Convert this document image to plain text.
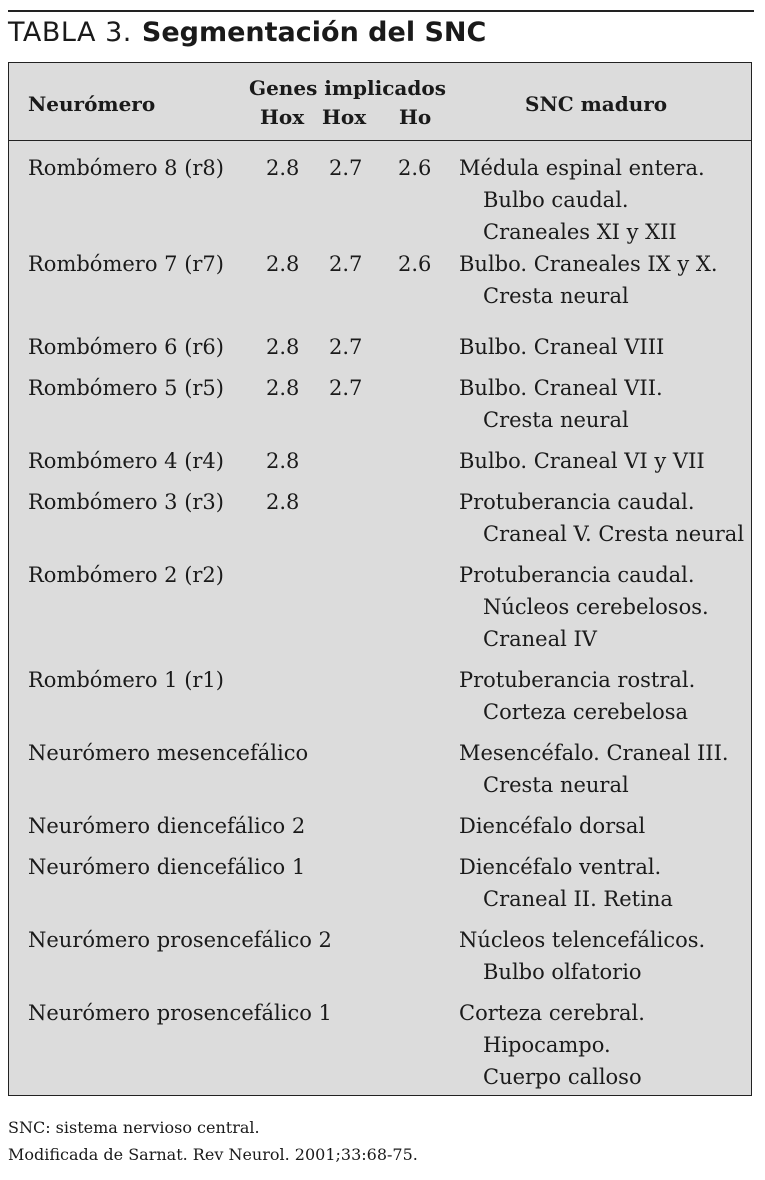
TABLA 3. Segmentación del SNC
Neurómero
Genes implicados
Hox Hox Ho
SNC maduro
Rombómero 8 (r8) 2.8 2.7 2.6 Médula espinal entera.
Bulbo caudal.
Craneales XI y XII
Rombómero 7 (r7) 2.8 2.7 2.6 Bulbo. Craneales IX y X.
Cresta neural
Rombómero 6 (r6) 2.8 2.7	Bulbo. Craneal VIII
Rombómero 5 (r5) 2.8 2.7	Bulbo. Craneal VII.
Cresta neural
Rombómero 4 (r4) 2.8	Bulbo. Craneal VI y VII
Rombómero 3 (r3) 2.8	Protuberancia caudal.
Craneal V. Cresta neural
Rombómero 2 (r2)	Protuberancia caudal.
Núcleos cerebelosos.
Craneal IV
Rombómero 1 (r1)	Protuberancia rostral.
Corteza cerebelosa
Neurómero mesencefálico	Mesencéfalo. Craneal III.
Cresta neural
Neurómero diencefálico 2	Diencéfalo dorsal
Neurómero diencefálico 1	Diencéfalo ventral.
Craneal II. Retina
Neurómero prosencefálico 2	Núcleos telencefálicos.
Bulbo olfatorio
Neurómero prosencefálico 1	Corteza cerebral.
Hipocampo.
Cuerpo calloso
SNC: sistema nervioso central.
Modificada de Sarnat. Rev Neurol. 2001;33:68-75.
